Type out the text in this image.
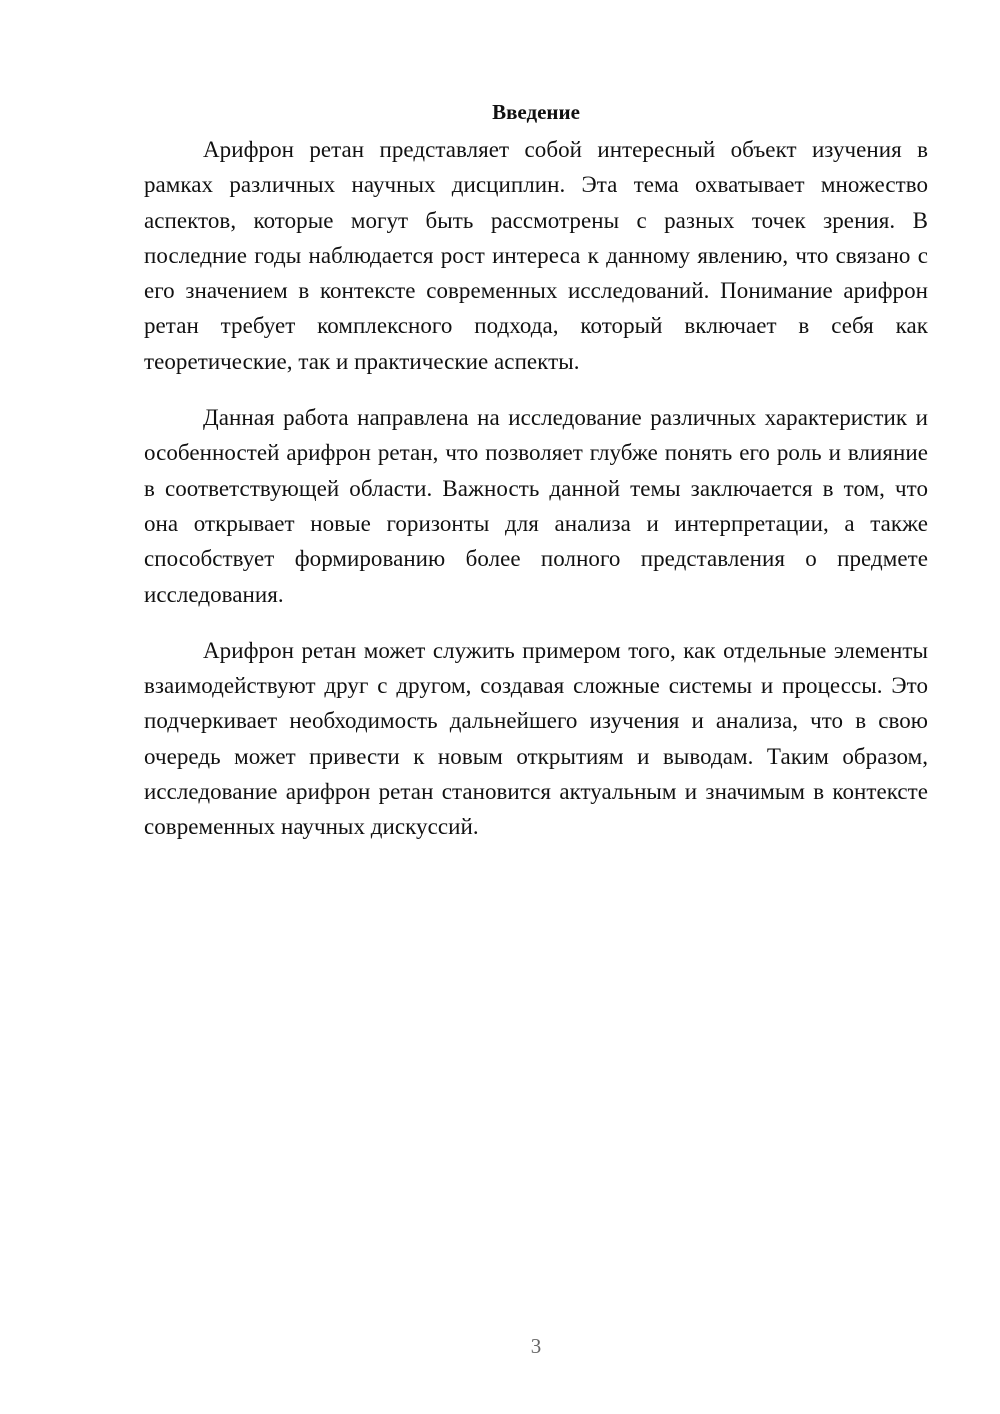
Введение

Арифрон ретан представляет собой интересный объект изучения в рамках различных научных дисциплин. Эта тема охватывает множество аспектов, которые могут быть рассмотрены с разных точек зрения. В последние годы наблюдается рост интереса к данному явлению, что связано с его значением в контексте современных исследований. Понимание арифрон ретан требует комплексного подхода, который включает в себя как теоретические, так и практические аспекты.

Данная работа направлена на исследование различных характеристик и особенностей арифрон ретан, что позволяет глубже понять его роль и влияние в соответствующей области. Важность данной темы заключается в том, что она открывает новые горизонты для анализа и интерпретации, а также способствует формированию более полного представления о предмете исследования.

Арифрон ретан может служить примером того, как отдельные элементы взаимодействуют друг с другом, создавая сложные системы и процессы. Это подчеркивает необходимость дальнейшего изучения и анализа, что в свою очередь может привести к новым открытиям и выводам. Таким образом, исследование арифрон ретан становится актуальным и значимым в контексте современных научных дискуссий.

3
